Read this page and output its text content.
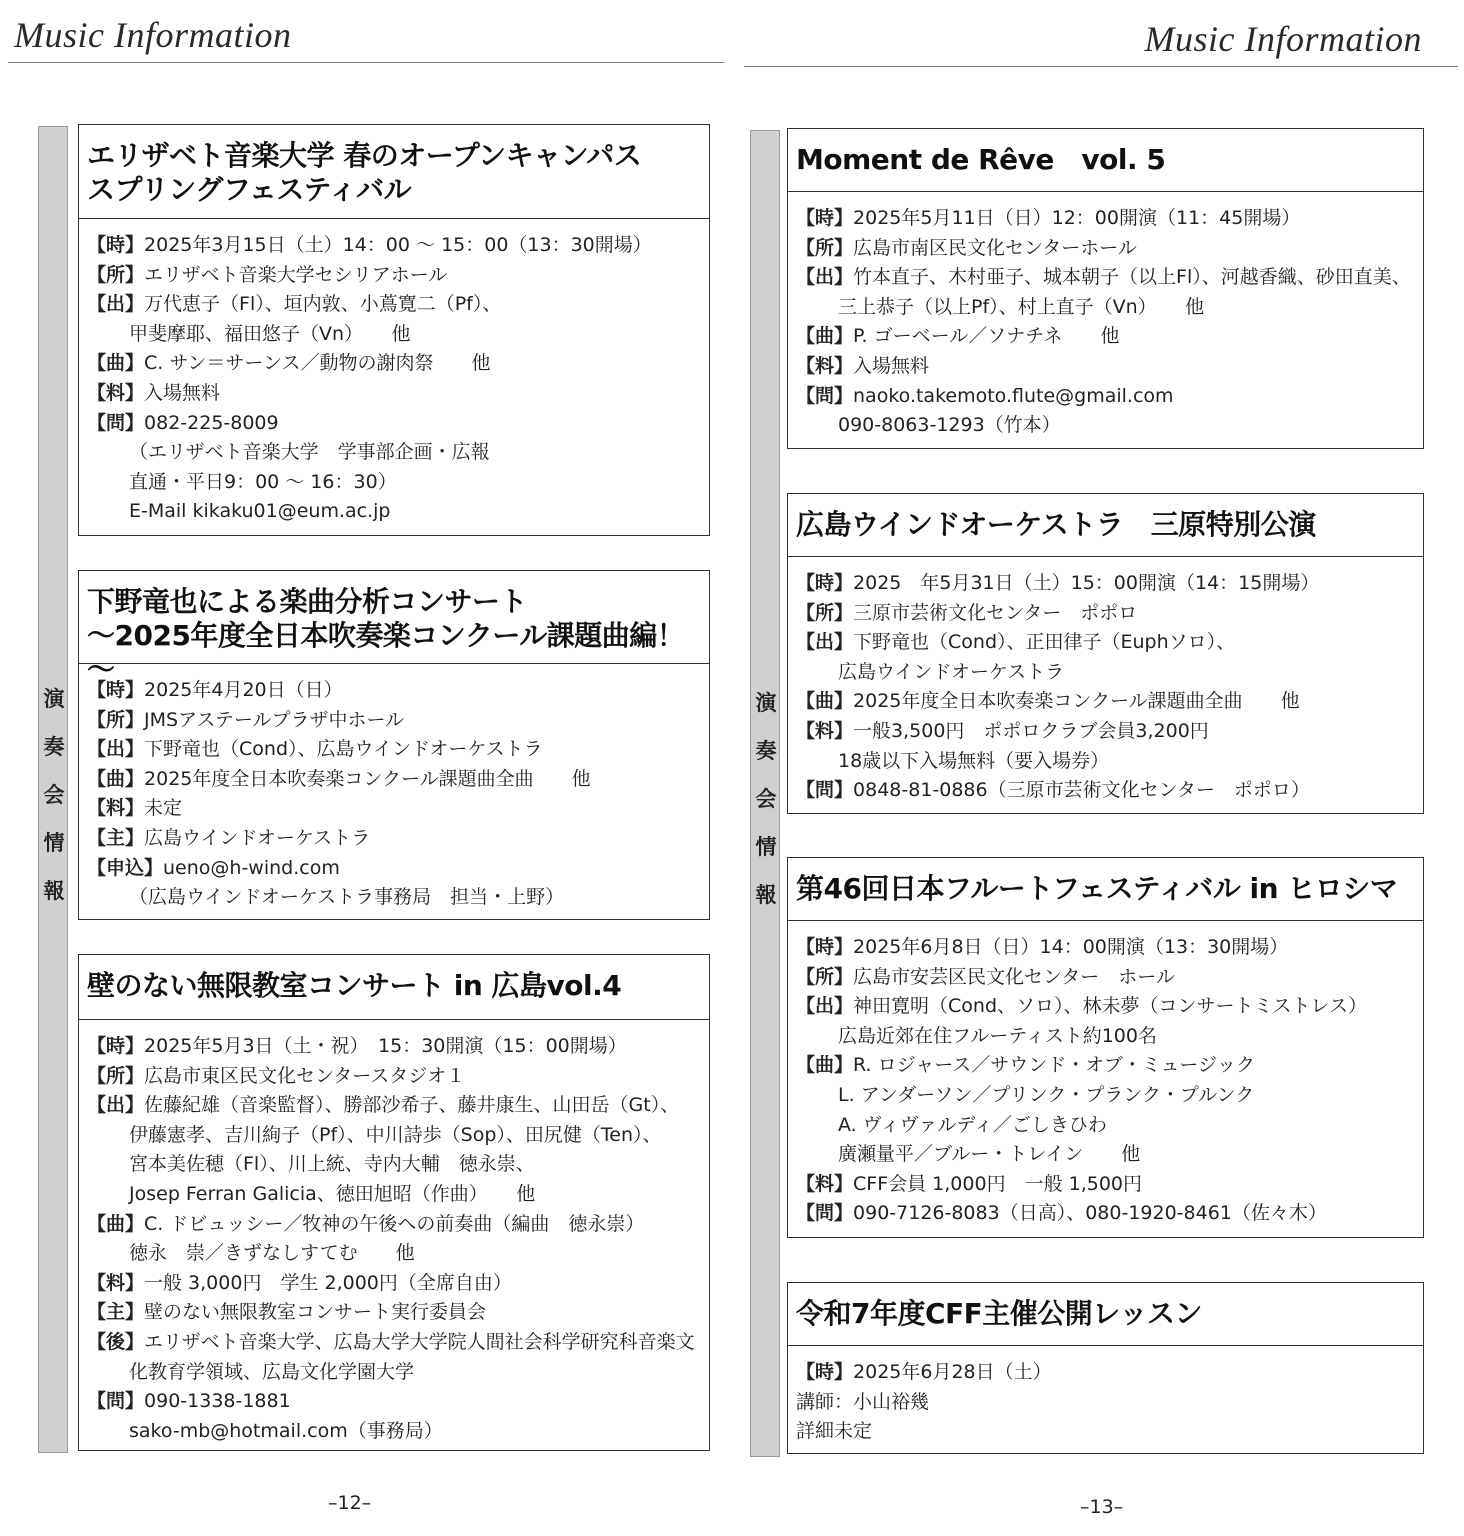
Music Information
演
奏
会
情
報
エリザベト音楽大学 春のオープンキャンパス
スプリングフェスティバル
【時】2025年3月15日（土）14：00 ～ 15：00（13：30開場）
【所】エリザベト音楽大学セシリアホール
【出】万代恵子（Fl）、垣内敦、小蔦寛二（Pf）、
甲斐摩耶、福田悠子（Vn）　　他
【曲】C. サン＝サーンス／動物の謝肉祭　　他
【料】入場無料
【問】082-225-8009
（エリザベト音楽大学　学事部企画・広報
直通・平日9：00 ～ 16：30）
E-Mail kikaku01@eum.ac.jp
下野竜也による楽曲分析コンサート
～2025年度全日本吹奏楽コンクール課題曲編！～
【時】2025年4月20日（日）
【所】JMSアステールプラザ中ホール
【出】下野竜也（Cond）、広島ウインドオーケストラ
【曲】2025年度全日本吹奏楽コンクール課題曲全曲　　他
【料】未定
【主】広島ウインドオーケストラ
【申込】ueno@h-wind.com
（広島ウインドオーケストラ事務局　担当・上野）
壁のない無限教室コンサート in 広島vol.4
【時】2025年5月3日（土・祝）　15：30開演（15：00開場）
【所】広島市東区民文化センタースタジオ１
【出】佐藤紀雄（音楽監督）、勝部沙希子、藤井康生、山田岳（Gt）、
伊藤憲孝、吉川絢子（Pf）、中川詩歩（Sop）、田尻健（Ten）、
宮本美佐穂（Fl）、川上統、寺内大輔　徳永崇、
Josep Ferran Galicia、徳田旭昭（作曲）　　他
【曲】C. ドビュッシー／牧神の午後への前奏曲（編曲　徳永崇）
徳永　崇／きずなしすてむ　　他
【料】一般 3,000円　学生 2,000円（全席自由）
【主】壁のない無限教室コンサート実行委員会
【後】エリザベト音楽大学、広島大学大学院人間社会科学研究科音楽文
化教育学領域、広島文化学園大学
【問】090-1338-1881
sako-mb@hotmail.com（事務局）
–12–
Music Information
演
奏
会
情
報
Moment de Rêve　vol. 5
【時】2025年5月11日（日）12：00開演（11：45開場）
【所】広島市南区民文化センターホール
【出】竹本直子、木村亜子、城本朝子（以上Fl）、河越香織、砂田直美、
三上恭子（以上Pf）、村上直子（Vn）　　他
【曲】P. ゴーベール／ソナチネ　　他
【料】入場無料
【問】naoko.takemoto.flute@gmail.com
090-8063-1293（竹本）
広島ウインドオーケストラ　三原特別公演
【時】2025　年5月31日（土）15：00開演（14：15開場）
【所】三原市芸術文化センター　ポポロ
【出】下野竜也（Cond）、正田律子（Euphソロ）、
広島ウインドオーケストラ
【曲】2025年度全日本吹奏楽コンクール課題曲全曲　　他
【料】一般3,500円　ポポロクラブ会員3,200円
18歳以下入場無料（要入場券）
【問】0848-81-0886（三原市芸術文化センター　ポポロ）
第46回日本フルートフェスティバル in ヒロシマ
【時】2025年6月8日（日）14：00開演（13：30開場）
【所】広島市安芸区民文化センター　ホール
【出】神田寛明（Cond、ソロ）、林未夢（コンサートミストレス）
広島近郊在住フルーティスト約100名
【曲】R. ロジャース／サウンド・オブ・ミュージック
L. アンダーソン／プリンク・プランク・プルンク
A. ヴィヴァルディ／ごしきひわ
廣瀬量平／ブルー・トレイン　　他
【料】CFF会員 1,000円　一般 1,500円
【問】090-7126-8083（日高）、080-1920-8461（佐々木）
令和7年度CFF主催公開レッスン
【時】2025年6月28日（土）
講師：小山裕幾
詳細未定
–13–
